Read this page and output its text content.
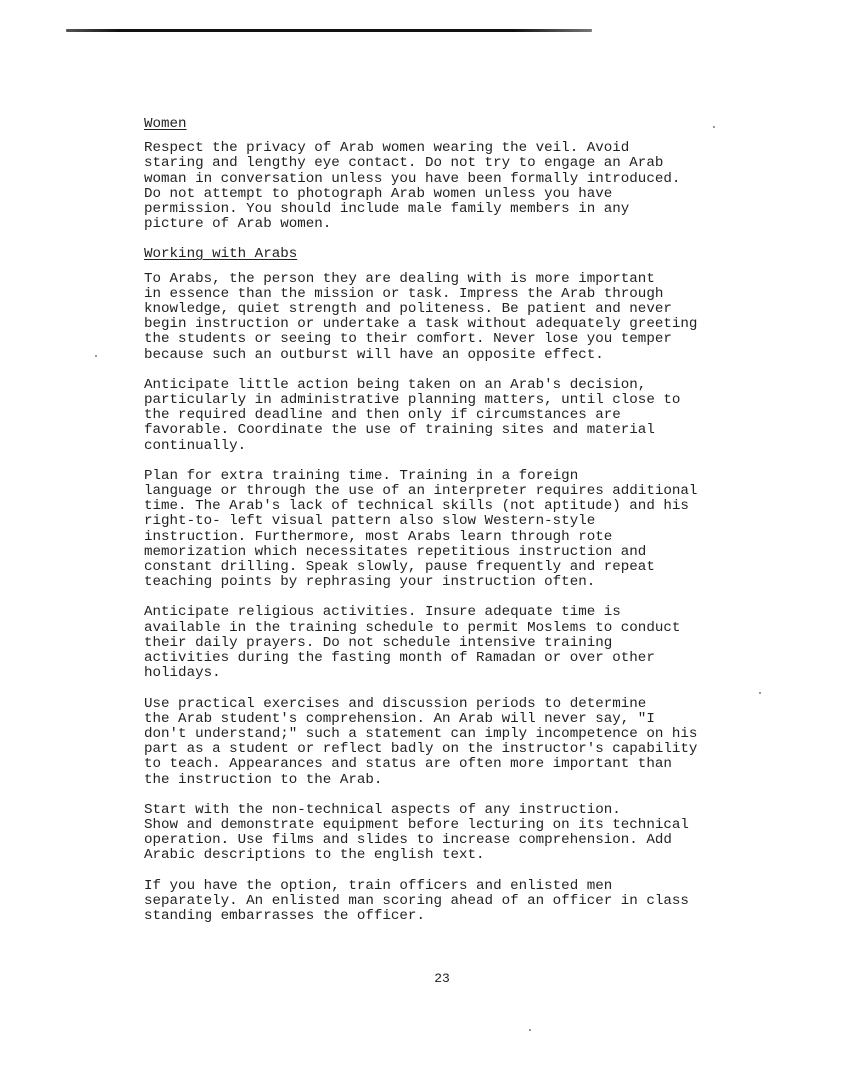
Women

Respect the privacy of Arab women wearing the veil. Avoid
staring and lengthy eye contact. Do not try to engage an Arab
woman in conversation unless you have been formally introduced.
Do not attempt to photograph Arab women unless you have
permission. You should include male family members in any
picture of Arab women.

Working with Arabs

To Arabs, the person they are dealing with is more important
in essence than the mission or task. Impress the Arab through
knowledge, quiet strength and politeness. Be patient and never
begin instruction or undertake a task without adequately greeting
the students or seeing to their comfort. Never lose you temper
because such an outburst will have an opposite effect.

Anticipate little action being taken on an Arab's decision,
particularly in administrative planning matters, until close to
the required deadline and then only if circumstances are
favorable. Coordinate the use of training sites and material
continually.

Plan for extra training time. Training in a foreign
language or through the use of an interpreter requires additional
time. The Arab's lack of technical skills (not aptitude) and his
right-to- left visual pattern also slow Western-style
instruction. Furthermore, most Arabs learn through rote
memorization which necessitates repetitious instruction and
constant drilling. Speak slowly, pause frequently and repeat
teaching points by rephrasing your instruction often.

Anticipate religious activities. Insure adequate time is
available in the training schedule to permit Moslems to conduct
their daily prayers. Do not schedule intensive training
activities during the fasting month of Ramadan or over other
holidays.

Use practical exercises and discussion periods to determine
the Arab student's comprehension. An Arab will never say, "I
don't understand;" such a statement can imply incompetence on his
part as a student or reflect badly on the instructor's capability
to teach. Appearances and status are often more important than
the instruction to the Arab.

Start with the non-technical aspects of any instruction.
Show and demonstrate equipment before lecturing on its technical
operation. Use films and slides to increase comprehension. Add
Arabic descriptions to the english text.

If you have the option, train officers and enlisted men
separately. An enlisted man scoring ahead of an officer in class
standing embarrasses the officer.

23
